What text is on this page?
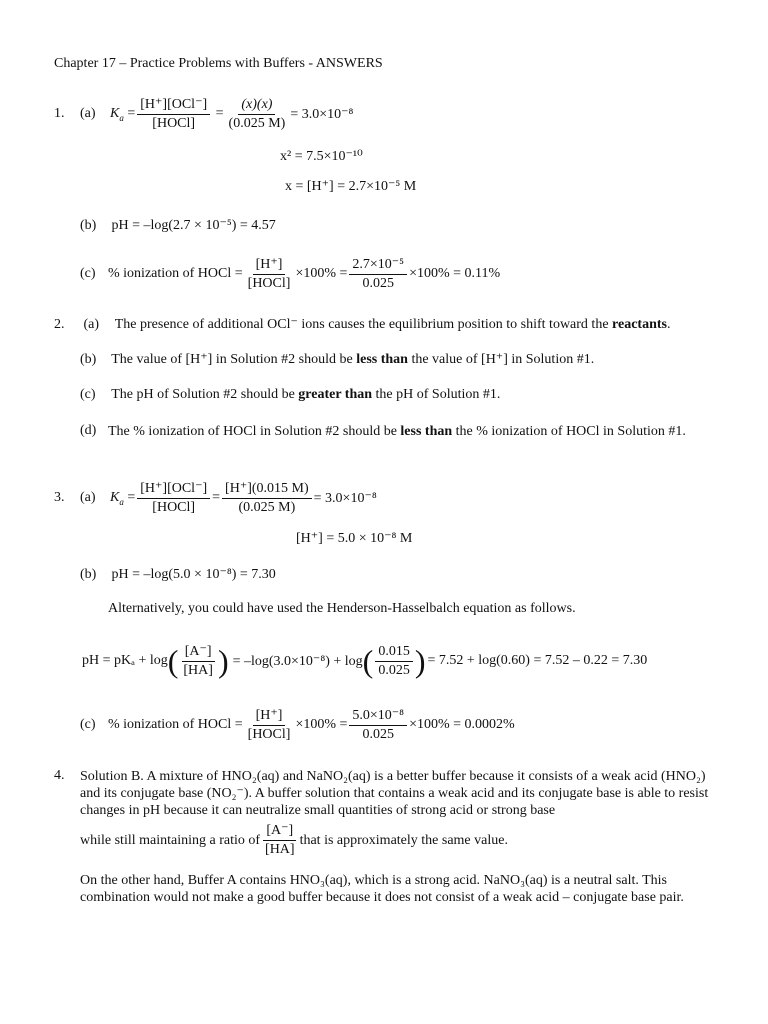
Chapter 17 – Practice Problems with Buffers - ANSWERS
1.	(a)	$K_a = \frac{\text{[H⁺][OCl⁻]}}{\text{[HOCl]}} = \frac{(x)(x)}{(0.025 M)} = 3.0\times 10^{-8}$
x² = 7.5×10⁻¹⁰
x = [H⁺] = 2.7×10⁻⁵ M
(b) pH = –log(2.7 × 10⁻⁵) = 4.57
(c) % ionization of HOCl = $\frac{[H^+]}{\text{[HOCl]}} \times 100\% = \frac{\text{2.7×10⁻⁵}}{0.025} \times 100\% = 0.11\%$
2. (a) The presence of additional OCl⁻ ions causes the equilibrium position to shift toward the reactants.
(b) The value of [H⁺] in Solution #2 should be less than the value of [H⁺] in Solution #1.
(c) The pH of Solution #2 should be greater than the pH of Solution #1.
(d) The % ionization of HOCl in Solution #2 should be less than the % ionization of HOCl in Solution #1.
3.	(a)	$K_a = \frac{\text{[H⁺][OCl⁻]}}{\text{[HOCl]}} = \frac{[H^+](0.015 M)}{(0.025 M)} = 3.0\times 10^{-8}$
[H⁺] = 5.0 × 10⁻⁸ M
(b) pH = –log(5.0 × 10⁻⁸) = 7.30
Alternatively, you could have used the Henderson-Hasselbalch equation as follows.
pH = pKₐ + log ( $\frac{[A^-]}{[HA]}$ ) = –log(3.0×10⁻⁸) + log ( $\frac{0.015}{0.025}$ ) = 7.52 + log(0.60) = 7.52 – 0.22 = 7.30
(c) % ionization of HOCl = $\frac{[H^+]}{\text{[HOCl]}} \times 100\% = \frac{\text{5.0×10⁻⁸}}{0.025} \times 100\% = 0.0002\%$
4.	Solution B. A mixture of HNO₂(aq) and NaNO₂(aq) is a better buffer because it consists of a weak acid (HNO₂) and its conjugate base (NO₂⁻). A buffer solution that contains a weak acid and its conjugate base is able to resist changes in pH because it can neutralize small quantities of strong acid or strong base
while still maintaining a ratio of $\frac{[A^-]}{[HA]}$ that is approximately the same value.
On the other hand, Buffer A contains HNO₃(aq), which is a strong acid. NaNO₃(aq) is a neutral salt. This combination would not make a good buffer because it does not consist of a weak acid – conjugate base pair.
